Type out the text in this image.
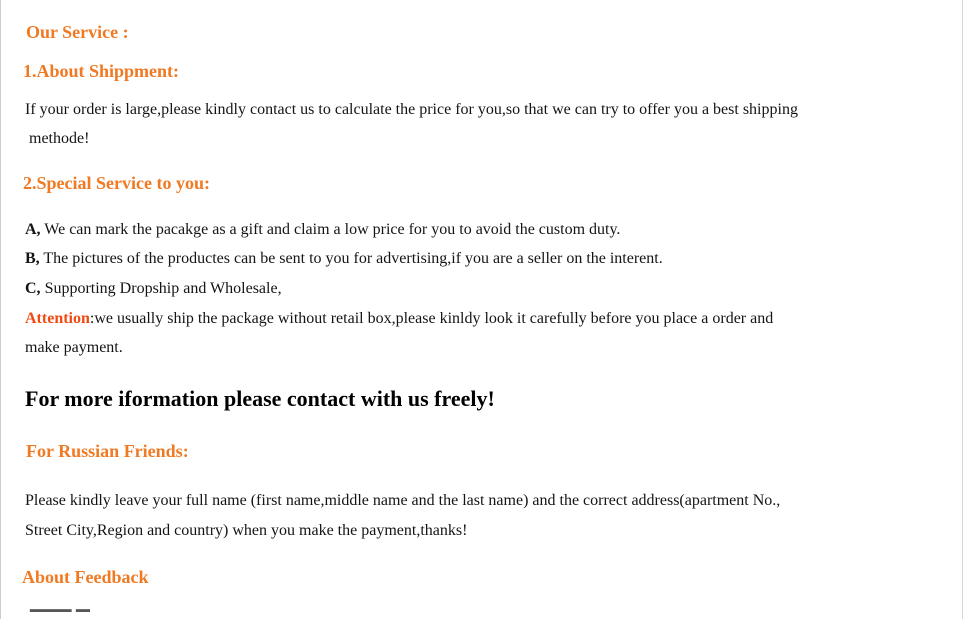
Our Service :
1.About Shippment:
If your order is large,please kindly contact us to calculate the price for you,so that we can try to offer you a best shipping
methode!
2.Special Service to you:
A, We can mark the pacakge as a gift and claim a low price for you to avoid the custom duty.
B, The pictures of the productes can be sent to you for advertising,if you are a seller on the interent.
C, Supporting Dropship and Wholesale,
Attention:we usually ship the package without retail box,please kinldy look it carefully before you place a order and
make payment.
For more iformation please contact with us freely!
For Russian Friends:
Please kindly leave your full name (first name,middle name and the last name) and the correct address(apartment No.,
Street City,Region and country) when you make the payment,thanks!
About Feedback
▔▔▔ ▔
